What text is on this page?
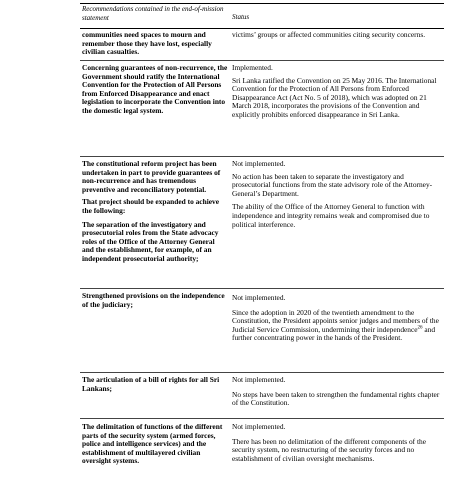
Recommendations contained in the end-of-mission statement	Status

communities need spaces to mourn and remember those they have lost, especially civilian casualties.

victims’ groups or affected communities citing security concerns.

Concerning guarantees of non-recurrence, the Government should ratify the International Convention for the Protection of All Persons from Enforced Disappearance and enact legislation to incorporate the Convention into the domestic legal system.

Implemented.

Sri Lanka ratified the Convention on 25 May 2016. The International Convention for the Protection of All Persons from Enforced Disappearance Act (Act No. 5 of 2018), which was adopted on 21 March 2018, incorporates the provisions of the Convention and explicitly prohibits enforced disappearance in Sri Lanka.

The constitutional reform project has been undertaken in part to provide guarantees of non-recurrence and has tremendous preventive and reconciliatory potential.

That project should be expanded to achieve the following:

The separation of the investigatory and prosecutorial roles from the State advocacy roles of the Office of the Attorney General and the establishment, for example, of an independent prosecutorial authority;

Not implemented.

No action has been taken to separate the investigatory and prosecutorial functions from the state advisory role of the Attorney-General’s Department.

The ability of the Office of the Attorney General to function with independence and integrity remains weak and compromised due to political interference.

Strengthened provisions on the independence of the judiciary;

Not implemented.

Since the adoption in 2020 of the twentieth amendment to the Constitution, the President appoints senior judges and members of the Judicial Service Commission, undermining their independence$^{26}$ and further concentrating power in the hands of the President.

The articulation of a bill of rights for all Sri Lankans;

Not implemented.

No steps have been taken to strengthen the fundamental rights chapter of the Constitution.

The delimitation of functions of the different parts of the security system (armed forces, police and intelligence services) and the establishment of multilayered civilian oversight systems.

Not implemented.

There has been no delimitation of the different components of the security system, no restructuring of the security forces and no establishment of civilian oversight mechanisms.
